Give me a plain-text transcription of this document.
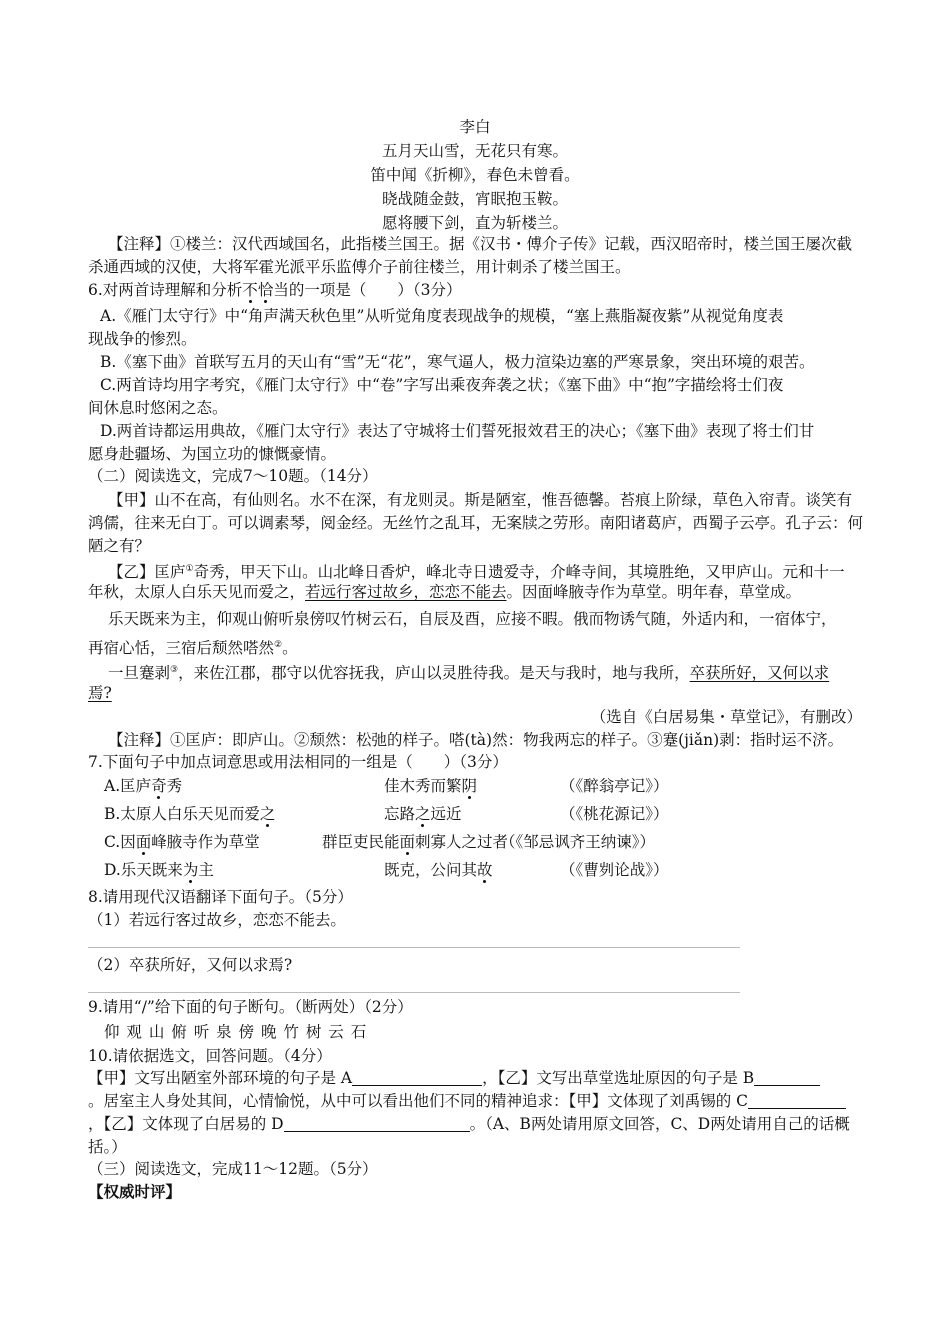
李白
五月天山雪，无花只有寒。
笛中闻《折柳》，春色未曾看。
晓战随金鼓，宵眠抱玉鞍。
愿将腰下剑，直为斩楼兰。
【注释】①楼兰：汉代西域国名，此指楼兰国王。据《汉书・傅介子传》记载，西汉昭帝时，楼兰国王屡次截
杀通西域的汉使，大将军霍光派平乐监傅介子前往楼兰，用计刺杀了楼兰国王。
6.对两首诗理解和分析不恰当的一项是（　　）（3分）
A.《雁门太守行》中“角声满天秋色里”从听觉角度表现战争的规模，“塞上燕脂凝夜紫”从视觉角度表
现战争的惨烈。
B.《塞下曲》首联写五月的天山有“雪”无“花”，寒气逼人，极力渲染边塞的严寒景象，突出环境的艰苦。
C.两首诗均用字考究，《雁门太守行》中“卷”字写出乘夜奔袭之状；《塞下曲》中“抱”字描绘将士们夜
间休息时悠闲之态。
D.两首诗都运用典故，《雁门太守行》表达了守城将士们誓死报效君王的决心；《塞下曲》表现了将士们甘
愿身赴疆场、为国立功的慷慨豪情。
（二）阅读选文，完成7～10题。（14分）
【甲】山不在高，有仙则名。水不在深，有龙则灵。斯是陋室，惟吾德馨。苔痕上阶绿，草色入帘青。谈笑有
鸿儒，往来无白丁。可以调素琴，阅金经。无丝竹之乱耳，无案牍之劳形。南阳诸葛庐，西蜀子云亭。孔子云：何
陋之有？
【乙】匡庐①奇秀，甲天下山。山北峰日香炉，峰北寺日遗爱寺，介峰寺间，其境胜绝，又甲庐山。元和十一
年秋，太原人白乐天见而爱之，若远行客过故乡，恋恋不能去。因面峰腋寺作为草堂。明年春，草堂成。
乐天既来为主，仰观山俯听泉傍叹竹树云石，自辰及酉，应接不暇。俄而物诱气随，外适内和，一宿体宁，
再宿心恬，三宿后颓然嗒然②。
一旦蹇剥③，来佐江郡，郡守以优容抚我，庐山以灵胜待我。是天与我时，地与我所，卒获所好，又何以求
焉?
（选自《白居易集・草堂记》，有删改）
【注释】①匡庐：即庐山。②颓然：松弛的样子。嗒(tà)然：物我两忘的样子。③蹇(jiǎn)剥：指时运不济。
7.下面句子中加点词意思或用法相同的一组是（　　）（3分）
A.匡庐奇秀	佳木秀而繁阴	（《醉翁亭记》）
B.太原人白乐天见而爱之	忘路之远近	（《桃花源记》）
C.因面峰腋寺作为草堂	群臣吏民能面刺寡人之过者
（《邹忌讽齐王纳谏》）
D.乐天既来为主	既克，公问其故	（《曹刿论战》）
8.请用现代汉语翻译下面句子。（5分）
（1）若远行客过故乡，恋恋不能去。
（2）卒获所好，又何以求焉?
9.请用“/”给下面的句子断句。（断两处）（2分）
仰 观 山 俯 听 泉 傍 晚 竹 树 云 石
10.请依据选文，回答问题。（4分）
【甲】文写出陋室外部环境的句子是 A	，【乙】文写出草堂选址原因的句子是 B
。居室主人身处其间，心情愉悦，从中可以看出他们不同的精神追求：【甲】文体现了刘禹锡的 C
，【乙】文体现了白居易的 D	。（A、B两处请用原文回答，C、D两处请用自己的话概
括。）
（三）阅读选文，完成11～12题。（5分）
【权威时评】
